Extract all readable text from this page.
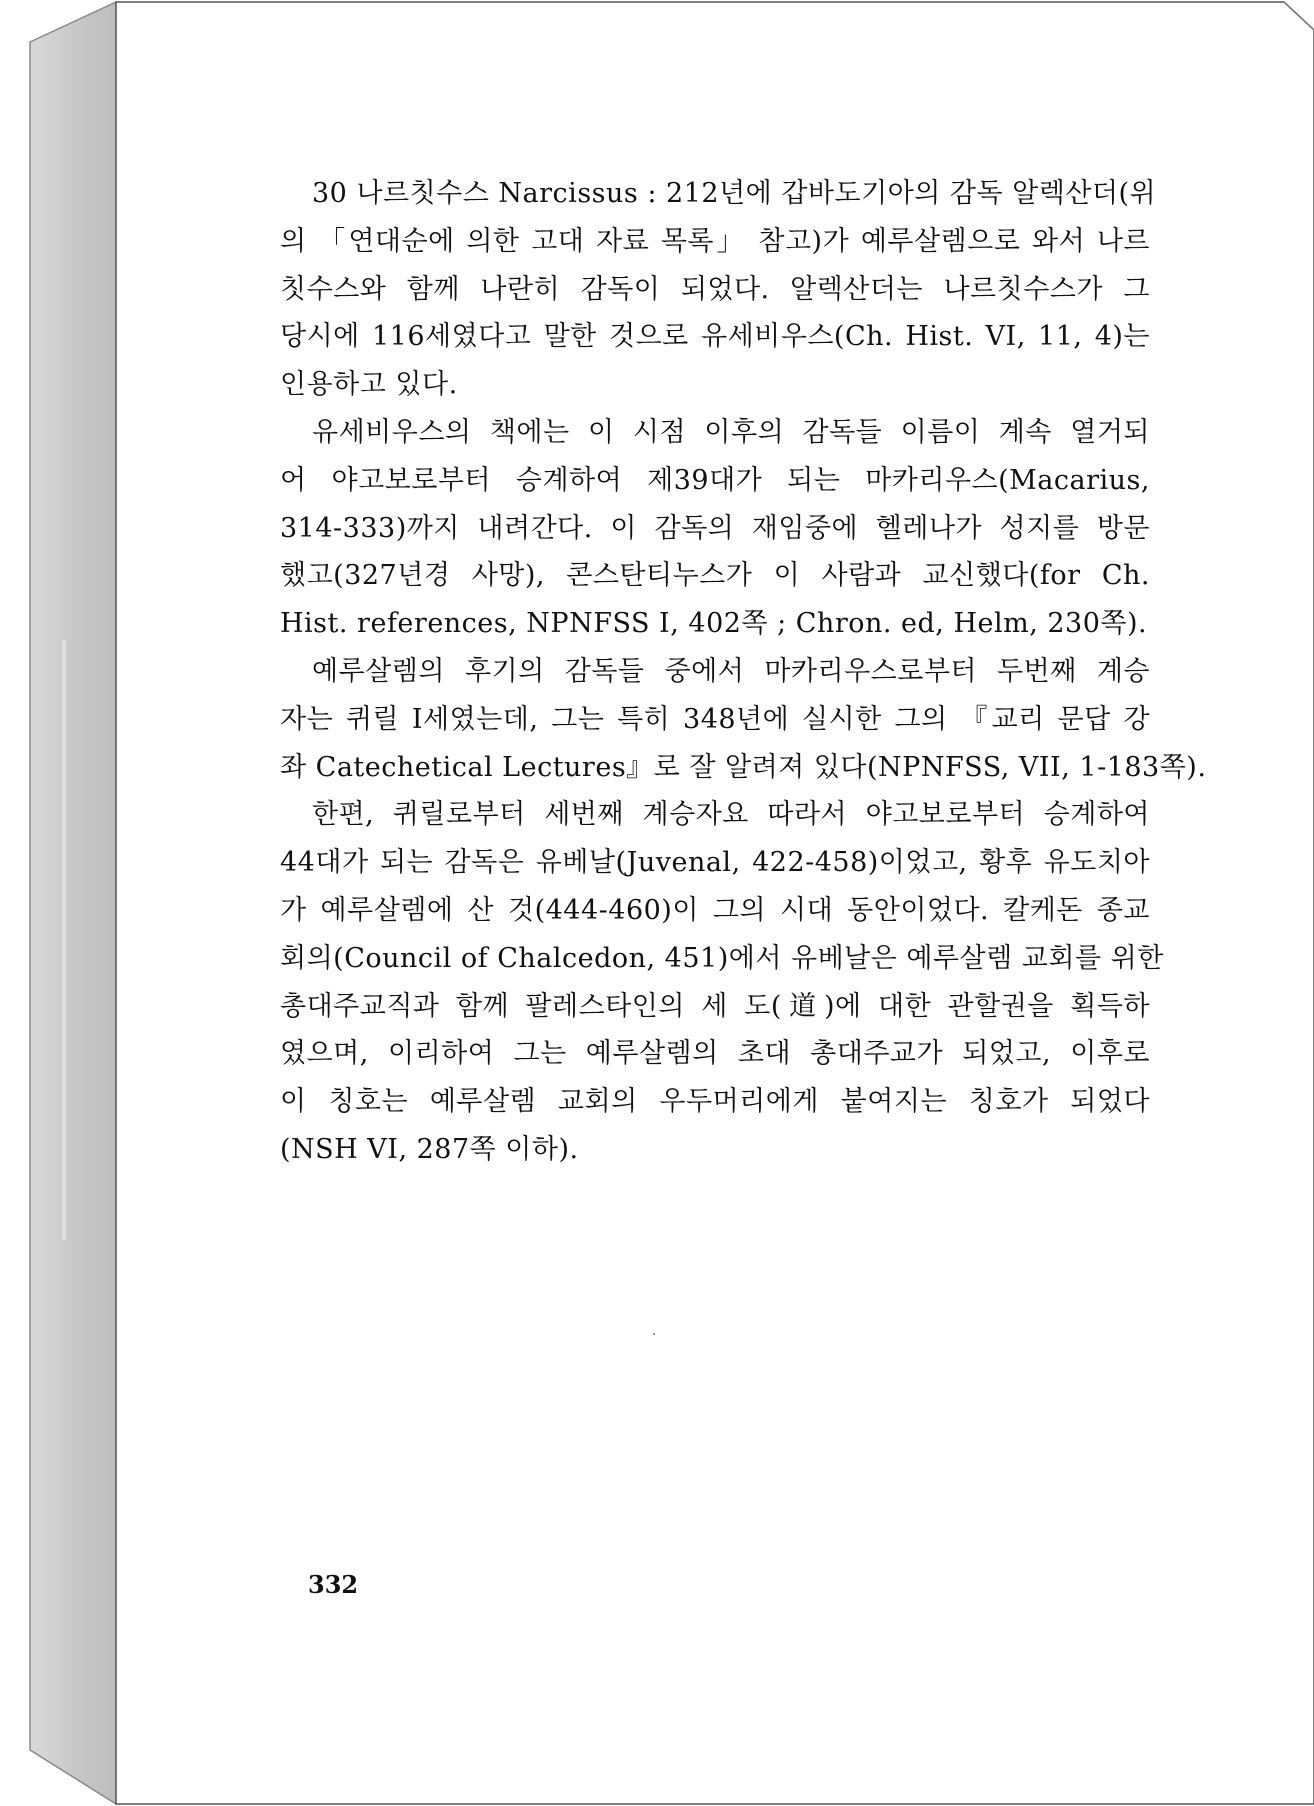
30 나르칫수스 Narcissus : 212년에 갑바도기아의 감독 알렉산더(위
의 「연대순에 의한 고대 자료 목록」 참고)가 예루살렘으로 와서 나르
칫수스와 함께 나란히 감독이 되었다. 알렉산더는 나르칫수스가 그
당시에 116세였다고 말한 것으로 유세비우스(Ch. Hist. VI, 11, 4)는
인용하고 있다.
유세비우스의 책에는 이 시점 이후의 감독들 이름이 계속 열거되
어 야고보로부터 승계하여 제39대가 되는 마카리우스(Macarius,
314-333)까지 내려간다. 이 감독의 재임중에 헬레나가 성지를 방문
했고(327년경 사망), 콘스탄티누스가 이 사람과 교신했다(for Ch.
Hist. references, NPNFSS I, 402쪽 ; Chron. ed, Helm, 230쪽).
예루살렘의 후기의 감독들 중에서 마카리우스로부터 두번째 계승
자는 퀴릴 I세였는데, 그는 특히 348년에 실시한 그의 『교리 문답 강
좌 Catechetical Lectures』로 잘 알려져 있다(NPNFSS, VII, 1-183쪽).
한편, 퀴릴로부터 세번째 계승자요 따라서 야고보로부터 승계하여
44대가 되는 감독은 유베날(Juvenal, 422-458)이었고, 황후 유도치아
가 예루살렘에 산 것(444-460)이 그의 시대 동안이었다. 칼케돈 종교
회의(Council of Chalcedon, 451)에서 유베날은 예루살렘 교회를 위한
총대주교직과 함께 팔레스타인의 세 도(道)에 대한 관할권을 획득하
였으며, 이리하여 그는 예루살렘의 초대 총대주교가 되었고, 이후로
이 칭호는 예루살렘 교회의 우두머리에게 붙여지는 칭호가 되었다
(NSH VI, 287쪽 이하).
332
